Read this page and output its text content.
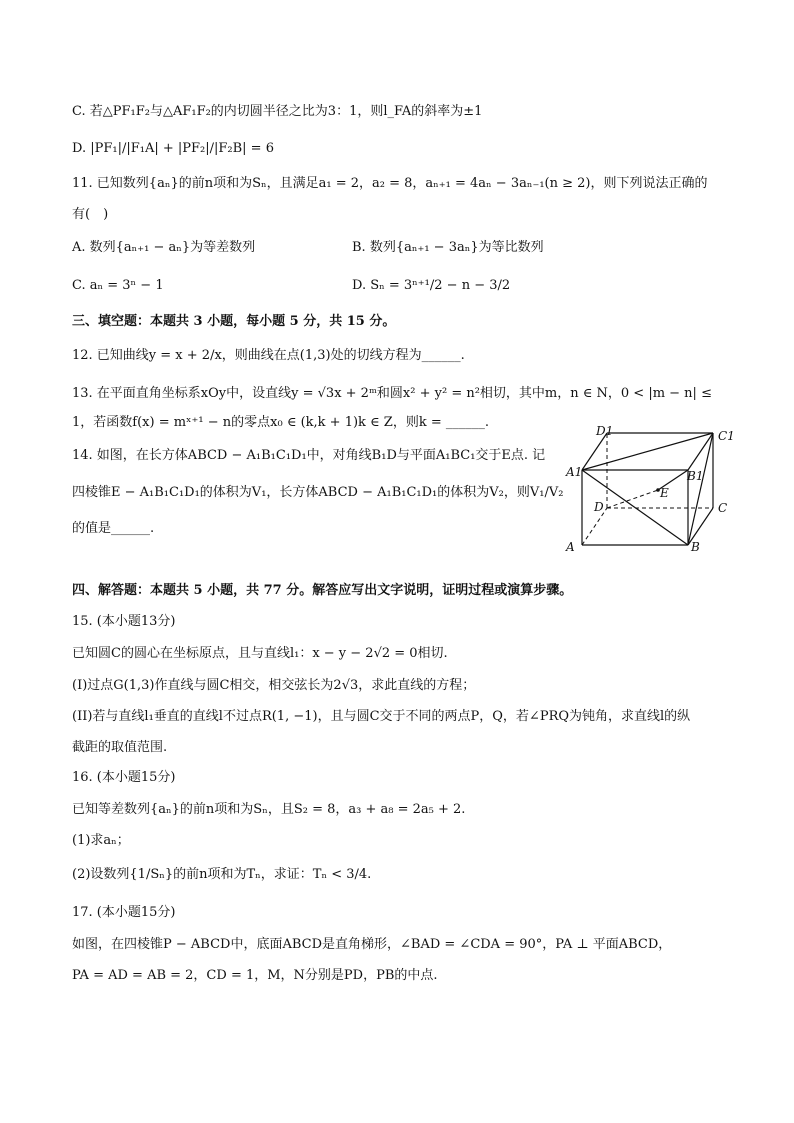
C. 若△PF₁F₂与△AF₁F₂的内切圆半径之比为3：1，则l_FA的斜率为±1
D. |PF₁|/|F₁A| + |PF₂|/|F₂B| = 6
11. 已知数列{aₙ}的前n项和为Sₙ，且满足a₁ = 2，a₂ = 8，aₙ₊₁ = 4aₙ − 3aₙ₋₁(n ≥ 2)，则下列说法正确的
有(　)
A. 数列{aₙ₊₁ − aₙ}为等差数列	B. 数列{aₙ₊₁ − 3aₙ}为等比数列
C. aₙ = 3ⁿ − 1	D. Sₙ = 3ⁿ⁺¹/2 − n − 3/2
三、填空题：本题共 3 小题，每小题 5 分，共 15 分。
12. 已知曲线y = x + 2/x，则曲线在点(1,3)处的切线方程为______.
13. 在平面直角坐标系xOy中，设直线y = √3x + 2ᵐ和圆x² + y² = n²相切，其中m，n ∈ N，0 < |m − n| ≤
1，若函数f(x) = mˣ⁺¹ − n的零点x₀ ∈ (k,k + 1)k ∈ Z，则k = ______.
14. 如图，在长方体ABCD − A₁B₁C₁D₁中，对角线B₁D与平面A₁BC₁交于E点. 记
四棱锥E − A₁B₁C₁D₁的体积为V₁，长方体ABCD − A₁B₁C₁D₁的体积为V₂，则V₁/V₂
的值是______.
A	B
C
D
A1	B1
C1
D1
E
四、解答题：本题共 5 小题，共 77 分。解答应写出文字说明，证明过程或演算步骤。
15. (本小题13分)
已知圆C的圆心在坐标原点，且与直线l₁：x − y − 2√2 = 0相切.
(I)过点G(1,3)作直线与圆C相交，相交弦长为2√3，求此直线的方程；
(II)若与直线l₁垂直的直线l不过点R(1, −1)，且与圆C交于不同的两点P，Q，若∠PRQ为钝角，求直线l的纵
截距的取值范围.
16. (本小题15分)
已知等差数列{aₙ}的前n项和为Sₙ，且S₂ = 8，a₃ + a₈ = 2a₅ + 2.
(1)求aₙ；
(2)设数列{1/Sₙ}的前n项和为Tₙ，求证：Tₙ < 3/4.
17. (本小题15分)
如图，在四棱锥P − ABCD中，底面ABCD是直角梯形，∠BAD = ∠CDA = 90°，PA ⊥ 平面ABCD，
PA = AD = AB = 2，CD = 1，M，N分别是PD，PB的中点.
